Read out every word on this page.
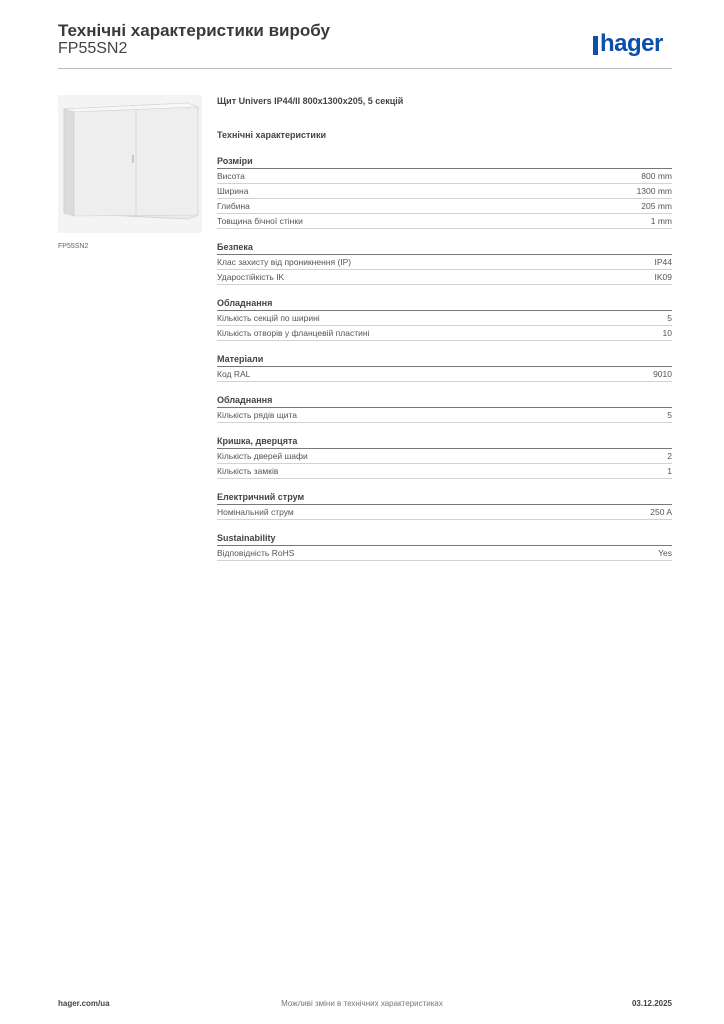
Технічні характеристики виробу
FP55SN2	hager
FP55SN2
Щит Univers IP44/II 800x1300x205, 5 секцій
Технічні характеристики
Розміри
Висота	800 mm
Ширина	1300 mm
Глибина	205 mm
Товщина бічної стінки	1 mm
Безпека
Клас захисту від проникнення (IP)	IP44
Ударостійкість IK	IK09
Обладнання
Кількість секцій по ширині	5
Кількість отворів у фланцевій пластині	10
Матеріали
Код RAL	9010
Обладнання
Кількість рядів щита	5
Кришка, дверцята
Кількість дверей шафи	2
Кількість замків	1
Електричний струм
Номінальний струм	250 A
Sustainability
Відповідність RoHS	Yes
hager.com/ua	Можливі зміни в технічних характеристиках	03.12.2025
